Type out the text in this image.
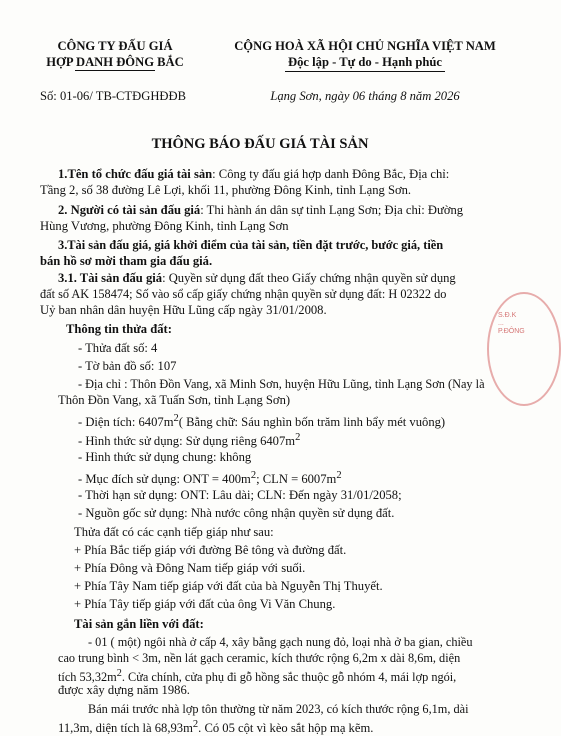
CÔNG TY ĐẤU GIÁ
HỢP DANH ĐÔNG BẮC
Số: 01-06/ TB-CTĐGHĐĐB
CỘNG HOÀ XÃ HỘI CHỦ NGHĨA VIỆT NAM
Độc lập - Tự do - Hạnh phúc
Lạng Sơn, ngày 06 tháng 8 năm 2026
THÔNG BÁO ĐẤU GIÁ TÀI SẢN
1.Tên tổ chức đấu giá tài sản: Công ty đấu giá hợp danh Đông Bắc, Địa chỉ:
Tầng 2, số 38 đường Lê Lợi, khối 11, phường Đông Kinh, tỉnh Lạng Sơn.
2. Người có tài sản đấu giá: Thi hành án dân sự tỉnh Lạng Sơn; Địa chỉ: Đường
Hùng Vương, phường Đông Kinh, tỉnh Lạng Sơn
3.Tài sản đấu giá, giá khởi điểm của tài sản, tiền đặt trước, bước giá, tiền
bán hồ sơ mời tham gia đấu giá.
3.1. Tài sản đấu giá: Quyền sử dụng đất theo Giấy chứng nhận quyền sử dụng
đất số AK 158474; Số vào sổ cấp giấy chứng nhận quyền sử dụng đất: H 02322 do
Uỷ ban nhân dân huyện Hữu Lũng cấp ngày 31/01/2008.
Thông tin thửa đất:
- Thửa đất số: 4
- Tờ bản đồ số: 107
- Địa chỉ : Thôn Đồn Vang, xã Minh Sơn, huyện Hữu Lũng, tỉnh Lạng Sơn (Nay là
Thôn Đồn Vang, xã Tuấn Sơn, tỉnh Lạng Sơn)
- Diện tích: $6407m^2$( Bằng chữ: Sáu nghìn bốn trăm linh bẩy mét vuông)
- Hình thức sử dụng: Sử dụng riêng $6407m^2$
- Hình thức sử dụng chung: không
- Mục đích sử dụng: ONT = $400m^2$; CLN = $6007m^2$
- Thời hạn sử dụng: ONT: Lâu dài; CLN: Đến ngày 31/01/2058;
- Nguồn gốc sử dụng: Nhà nước công nhận quyền sử dụng đất.
Thửa đất có các cạnh tiếp giáp như sau:
+ Phía Bắc tiếp giáp với đường Bê tông và đường đất.
+ Phía Đông và Đông Nam tiếp giáp với suối.
+ Phía Tây Nam tiếp giáp với đất của bà Nguyễn Thị Thuyết.
+ Phía Tây tiếp giáp với đất của ông Vi Văn Chung.
Tài sản gắn liền với đất:
- 01 ( một) ngôi nhà ở cấp 4, xây bằng gạch nung đỏ, loại nhà ở ba gian, chiều
cao trung bình < 3m, nền lát gạch ceramic, kích thước rộng 6,2m x dài 8,6m, diện
tích $53,32m^2$. Cửa chính, cửa phụ đi gỗ hồng sắc thuộc gỗ nhóm 4, mái lợp ngói,
được xây dựng năm 1986.
Bán mái trước nhà lợp tôn thường từ năm 2023, có kích thước rộng 6,1m, dài
11,3m, diện tích là $68,93m^2$. Có 05 cột vì kèo sắt hộp mạ kẽm.
S.Đ.K ... P.ĐÔNG
